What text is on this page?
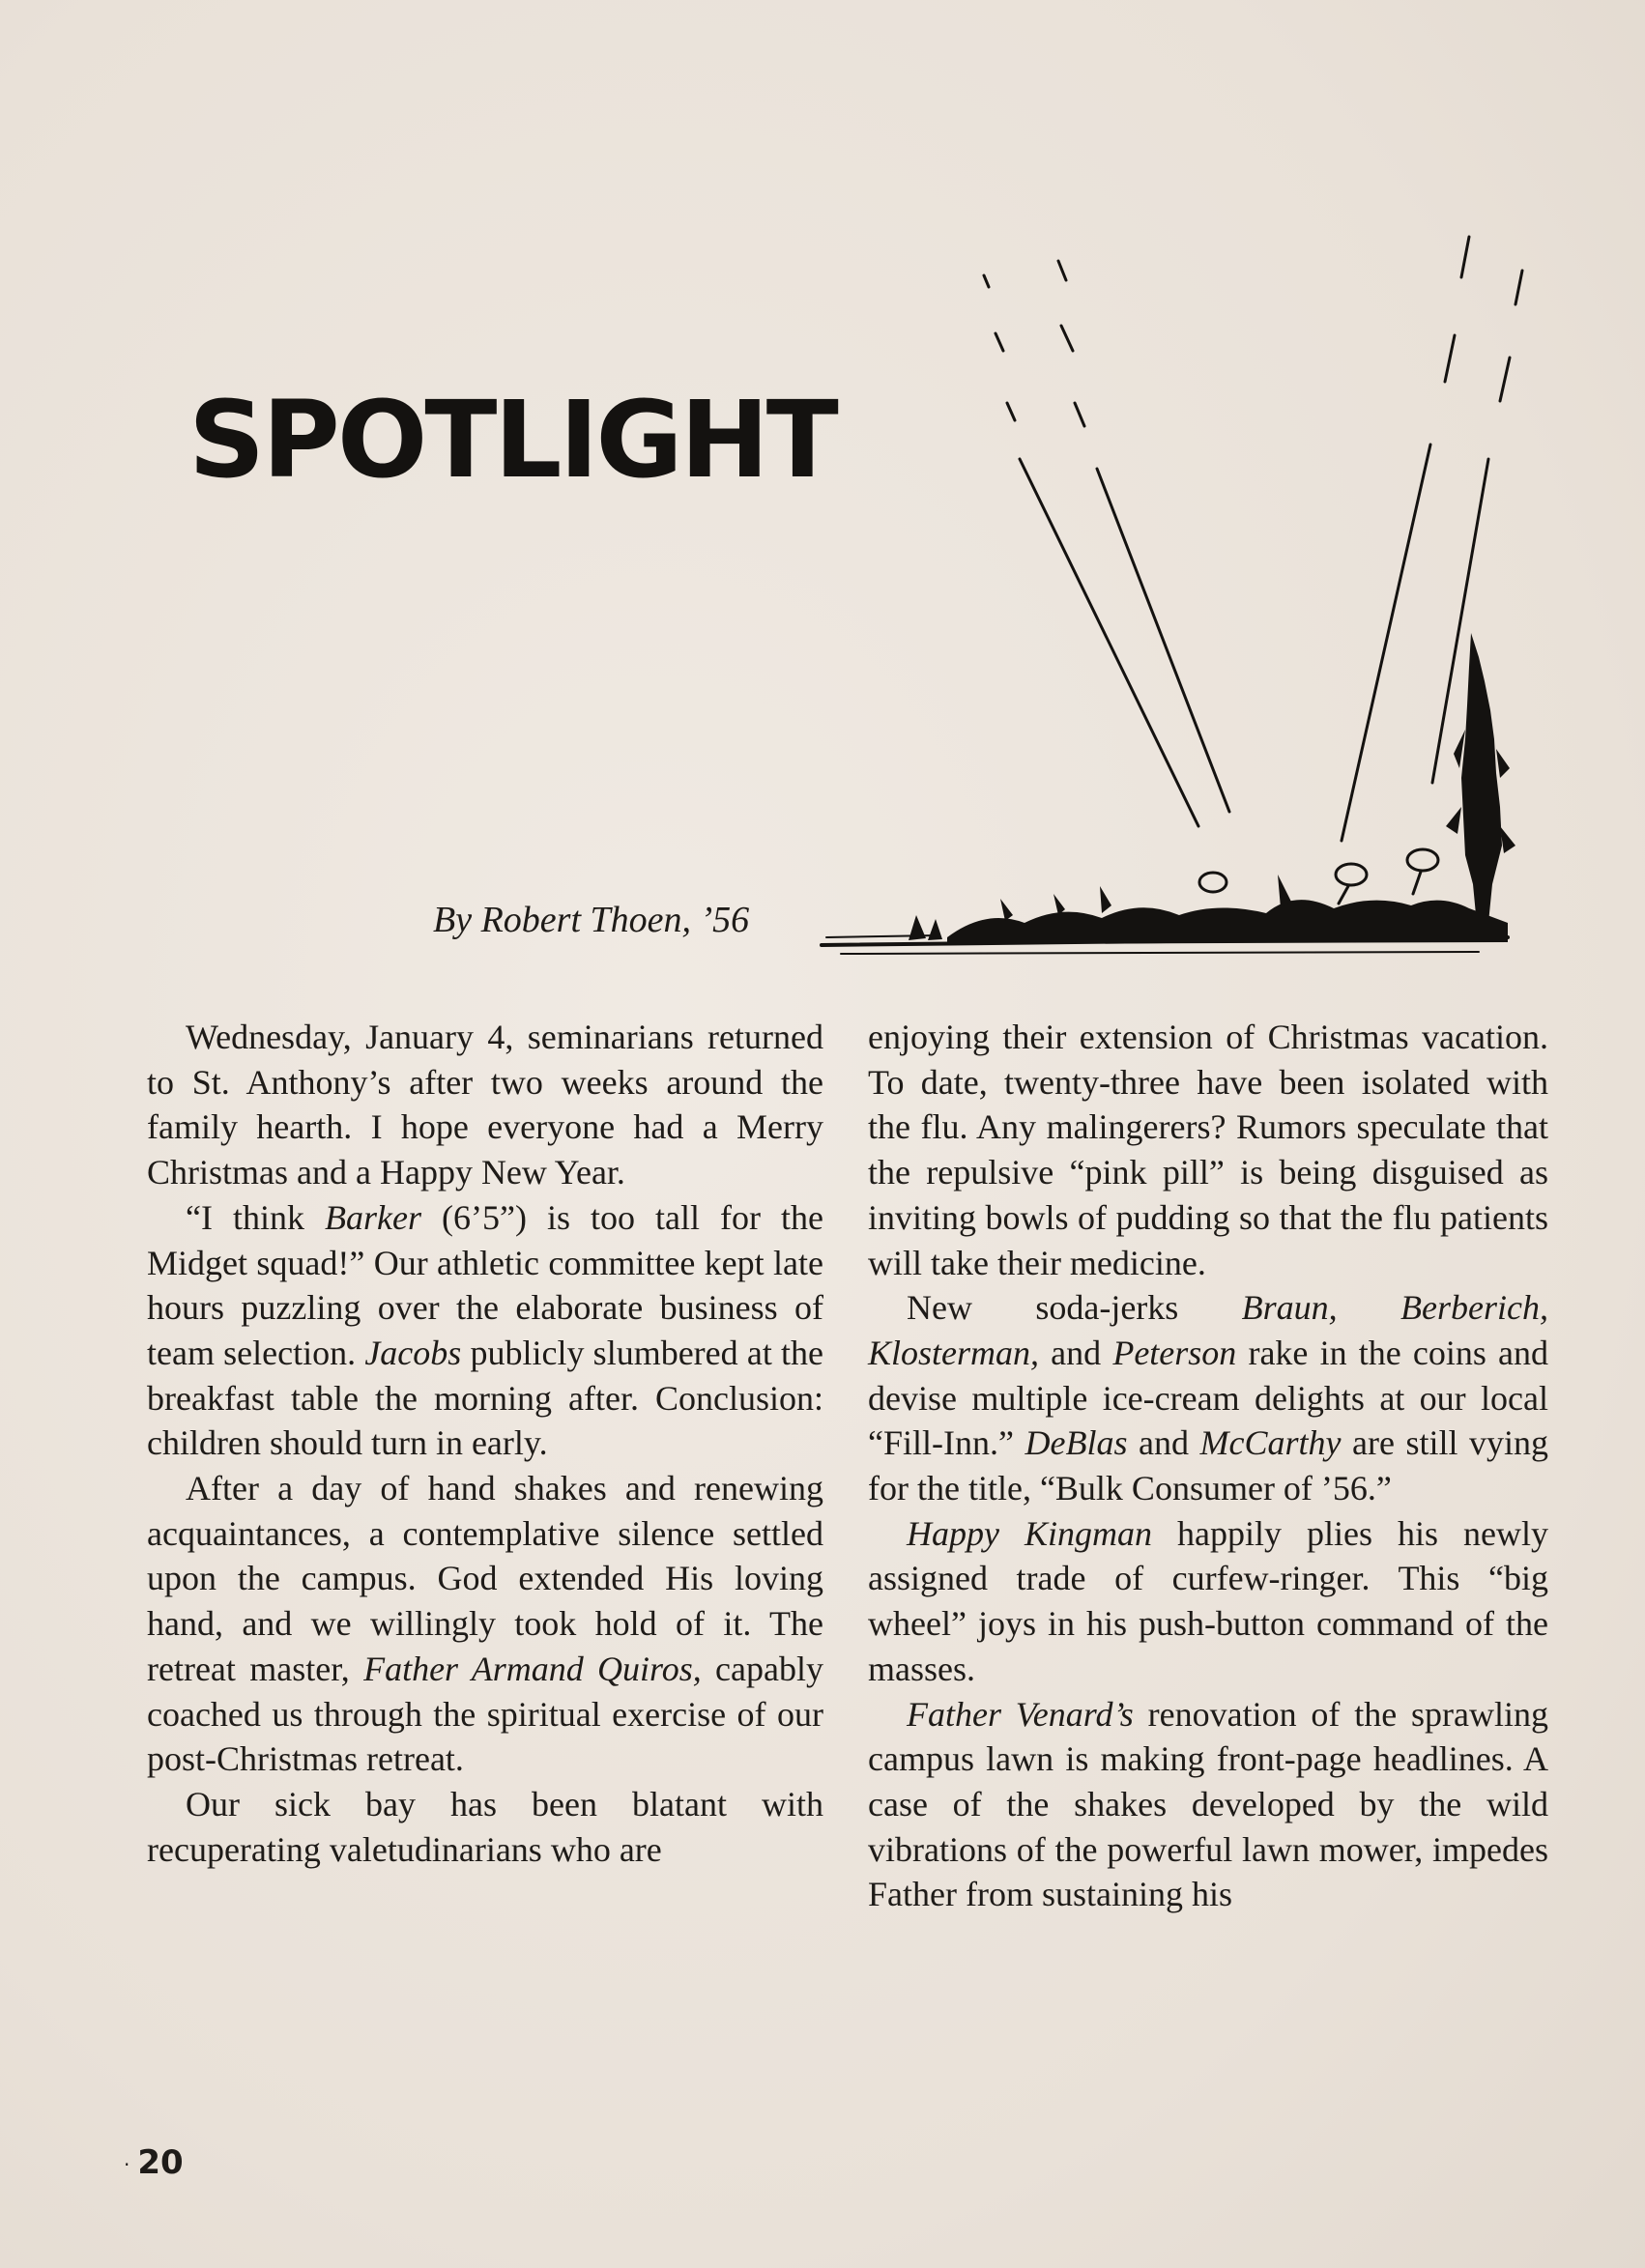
SPOTLIGHT

By Robert Thoen, ’56

Wednesday, January 4, seminarians returned to St. Anthony’s after two weeks around the family hearth. I hope everyone had a Merry Christmas and a Happy New Year.

“I think Barker (6’5”) is too tall for the Midget squad!” Our athletic committee kept late hours puzzling over the elaborate business of team selection. Jacobs publicly slumbered at the breakfast table the morning after. Conclusion: children should turn in early.

After a day of hand shakes and renewing acquaintances, a contemplative silence settled upon the campus. God extended His loving hand, and we willingly took hold of it. The retreat master, Father Armand Quiros, capably coached us through the spiritual exercise of our post-Christmas retreat.

Our sick bay has been blatant with recuperating valetudinarians who are

enjoying their extension of Christmas vacation. To date, twenty-three have been isolated with the flu. Any malingerers? Rumors speculate that the repulsive “pink pill” is being disguised as inviting bowls of pudding so that the flu patients will take their medicine.

New soda-jerks Braun, Berberich, Klosterman, and Peterson rake in the coins and devise multiple ice-cream delights at our local “Fill-Inn.” DeBlas and McCarthy are still vying for the title, “Bulk Consumer of ’56.”

Happy Kingman happily plies his newly assigned trade of curfew-ringer. This “big wheel” joys in his push-button command of the masses.

Father Venard’s renovation of the sprawling campus lawn is making front-page headlines. A case of the shakes developed by the wild vibrations of the powerful lawn mower, impedes Father from sustaining his

· 20
